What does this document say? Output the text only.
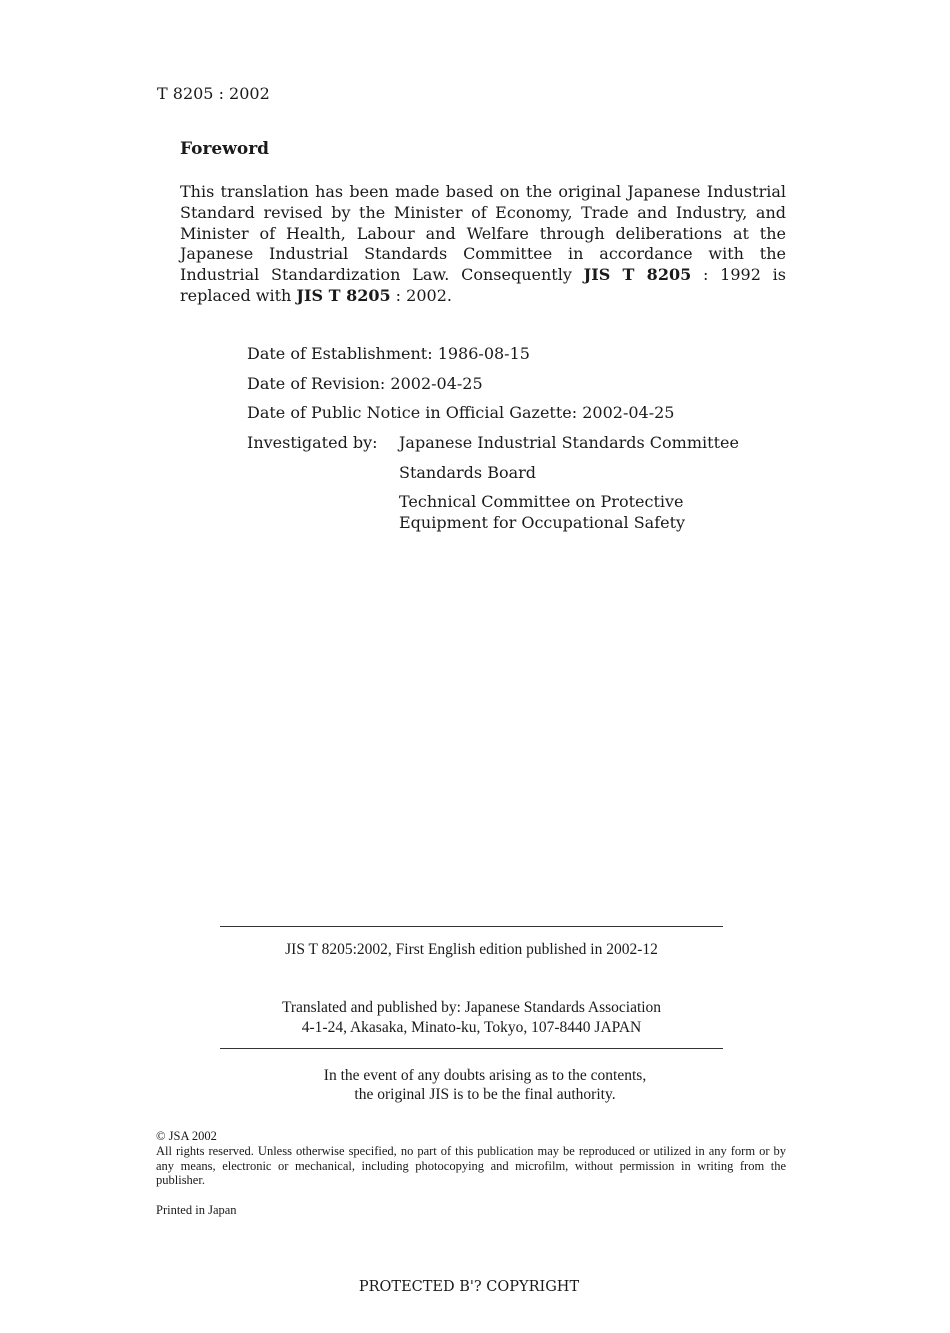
T 8205 : 2002
Foreword
This translation has been made based on the original Japanese Industrial Standard revised by the Minister of Economy, Trade and Industry, and Minister of Health, Labour and Welfare through deliberations at the Japanese Industrial Standards Committee in accordance with the Industrial Standardization Law. Consequently JIS T 8205 : 1992 is replaced with JIS T 8205 : 2002.
Date of Establishment: 1986-08-15
Date of Revision: 2002-04-25
Date of Public Notice in Official Gazette: 2002-04-25
Investigated by: Japanese Industrial Standards Committee
Standards Board
Technical Committee on Protective
Equipment for Occupational Safety
JIS T 8205:2002, First English edition published in 2002-12
Translated and published by: Japanese Standards Association
4-1-24, Akasaka, Minato-ku, Tokyo, 107-8440 JAPAN
In the event of any doubts arising as to the contents,
the original JIS is to be the final authority.
© JSA 2002
All rights reserved. Unless otherwise specified, no part of this publication may be reproduced or utilized in any form or by any means, electronic or mechanical, including photocopying and microfilm, without permission in writing from the publisher.
Printed in Japan
PROTECTED B'? COPYRIGHT
